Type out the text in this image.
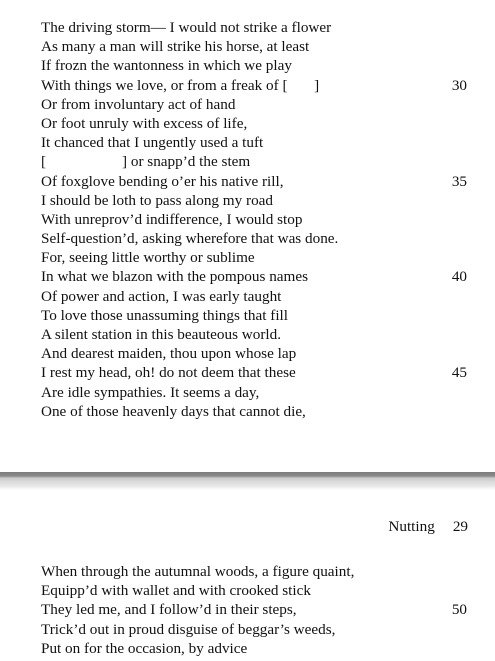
The driving storm— I would not strike a flower
As many a man will strike his horse, at least
If frozn the wantonness in which we play
With things we love, or from a freak of [       ]	30
Or from involuntary act of hand
Or foot unruly with excess of life,
It chanced that I ungently used a tuft
[                    ] or snapp’d the stem
Of foxglove bending o’er his native rill,	35
I should be loth to pass along my road
With unreprov’d indifference, I would stop
Self-question’d, asking wherefore that was done.
For, seeing little worthy or sublime
In what we blazon with the pompous names	40
Of power and action, I was early taught
To love those unassuming things that fill
A silent station in this beauteous world.
And dearest maiden, thou upon whose lap
I rest my head, oh! do not deem that these	45
Are idle sympathies. It seems a day,
One of those heavenly days that cannot die,
Nutting 29
When through the autumnal woods, a figure quaint,
Equipp’d with wallet and with crooked stick
They led me, and I follow’d in their steps,	50
Trick’d out in proud disguise of beggar’s weeds,
Put on for the occasion, by advice
